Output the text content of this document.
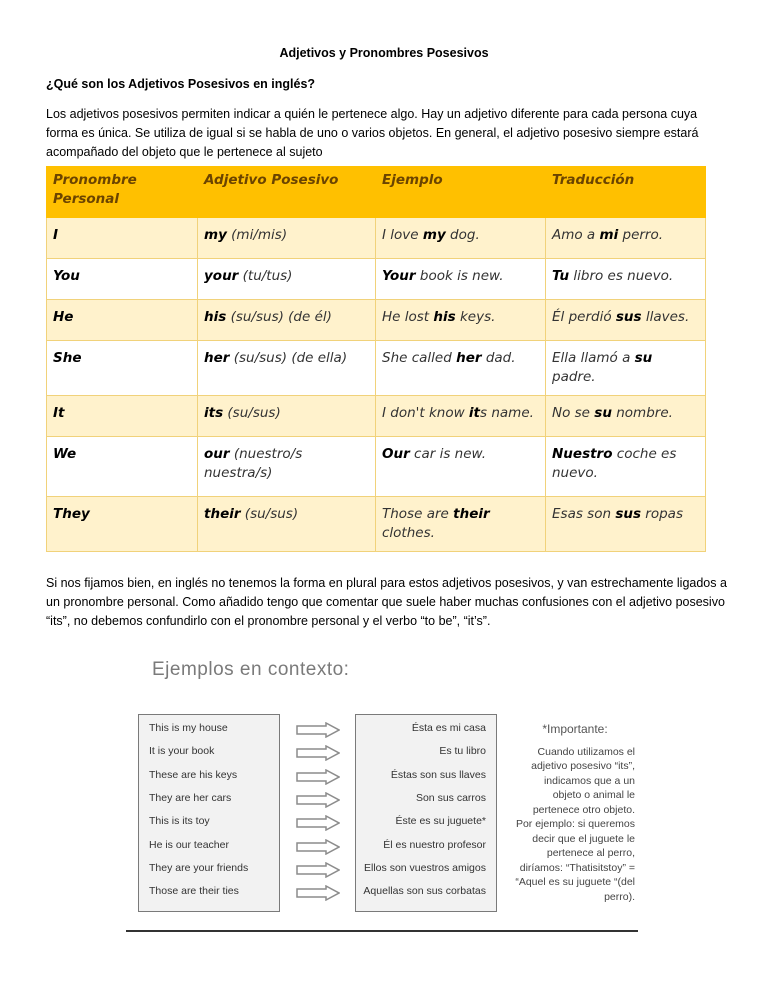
Adjetivos y Pronombres Posesivos
¿Qué son los Adjetivos Posesivos en inglés?
Los adjetivos posesivos permiten indicar a quién le pertenece algo. Hay un adjetivo diferente para cada persona cuya forma es única. Se utiliza de igual si se habla de uno o varios objetos. En general, el adjetivo posesivo siempre estará acompañado del objeto que le pertenece al sujeto
Pronombre Personal	Adjetivo Posesivo	Ejemplo	Traducción
I	my (mi/mis)	I love my dog.	Amo a mi perro.
You	your (tu/tus)	Your book is new.	Tu libro es nuevo.
He	his (su/sus) (de él)	He lost his keys.	Él perdió sus llaves.
She	her (su/sus) (de ella)	She called her dad.	Ella llamó a su padre.
It	its (su/sus)	I don't know its name.	No se su nombre.
We	our (nuestro/s nuestra/s)	Our car is new.	Nuestro coche es nuevo.
They	their (su/sus)	Those are their clothes.	Esas son sus ropas
Si nos fijamos bien, en inglés no tenemos la forma en plural para estos adjetivos posesivos, y van estrechamente ligados a un pronombre personal. Como añadido tengo que comentar que suele haber muchas confusiones con el adjetivo posesivo “its”, no debemos confundirlo con el pronombre personal y el verbo “to be”, “it’s”.
Ejemplos en contexto:
This is my house
It is your book
These are his keys
They are her cars
This is its toy
He is our teacher
They are your friends
Those are their ties
Ésta es mi casa
Es tu libro
Éstas son sus llaves
Son sus carros
Éste es su juguete*
Él es nuestro profesor
Ellos son vuestros amigos
Aquellas son sus corbatas
*Importante:
Cuando utilizamos el adjetivo posesivo “its”, indicamos que a un objeto o animal le pertenece otro objeto. Por ejemplo: si queremos decir que el juguete le pertenece al perro, diríamos: “Thatisitstoy” = “Aquel es su juguete “(del perro).
